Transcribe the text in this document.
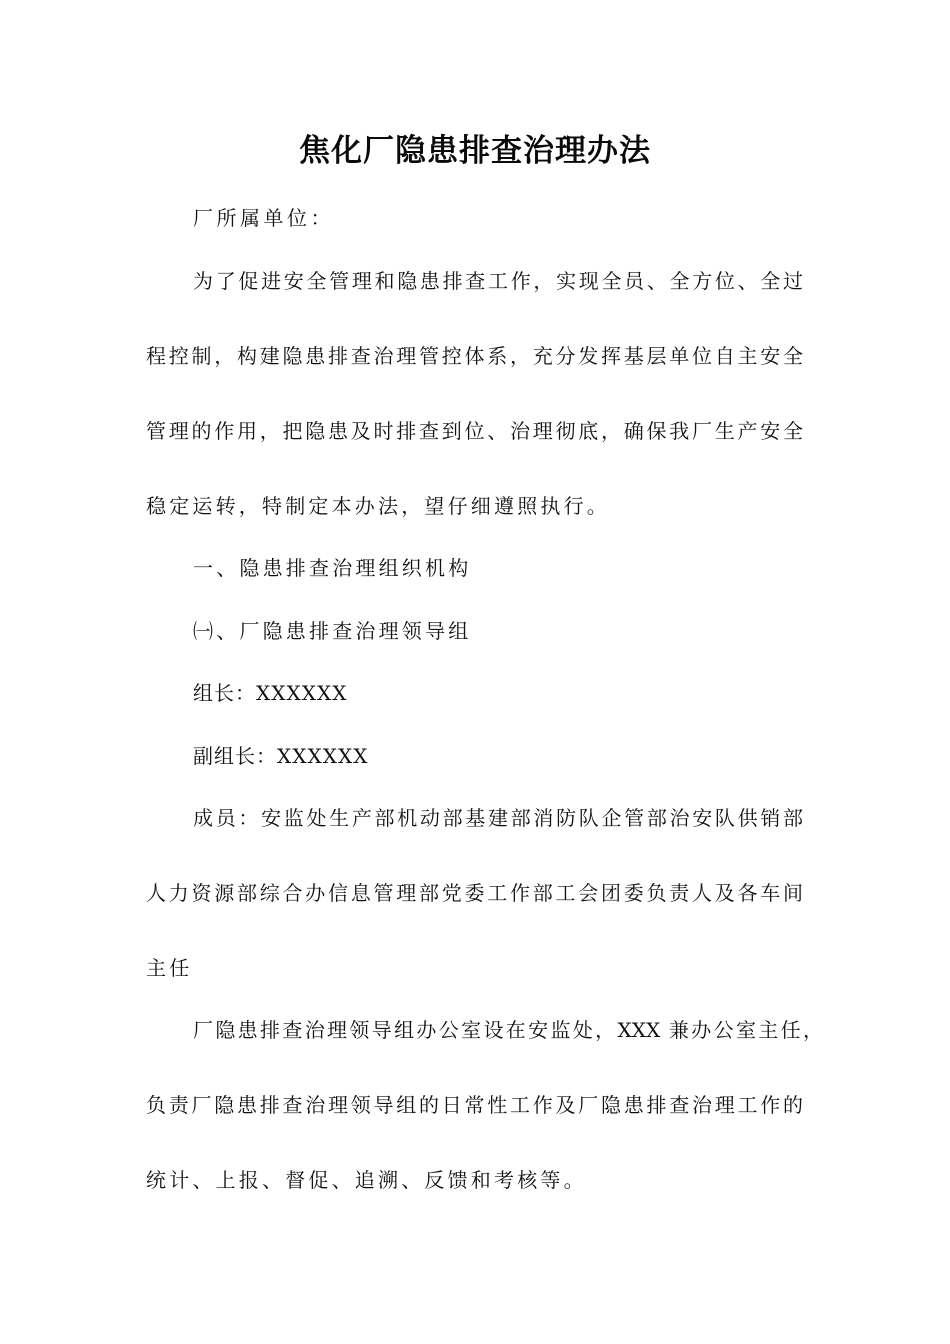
焦化厂隐患排查治理办法
厂所属单位：
为了促进安全管理和隐患排查工作，实现全员、全方位、全过
程控制，构建隐患排查治理管控体系，充分发挥基层单位自主安全
管理的作用，把隐患及时排查到位、治理彻底，确保我厂生产安全
稳定运转，特制定本办法，望仔细遵照执行。
一、隐患排查治理组织机构
㈠、厂隐患排查治理领导组
组长：XXXXXX
副组长：XXXXXX
成员：安监处生产部机动部基建部消防队企管部治安队供销部
人力资源部综合办信息管理部党委工作部工会团委负责人及各车间
主任
厂隐患排查治理领导组办公室设在安监处，XXX 兼办公室主任，
负责厂隐患排查治理领导组的日常性工作及厂隐患排查治理工作的
统计、上报、督促、追溯、反馈和考核等。
